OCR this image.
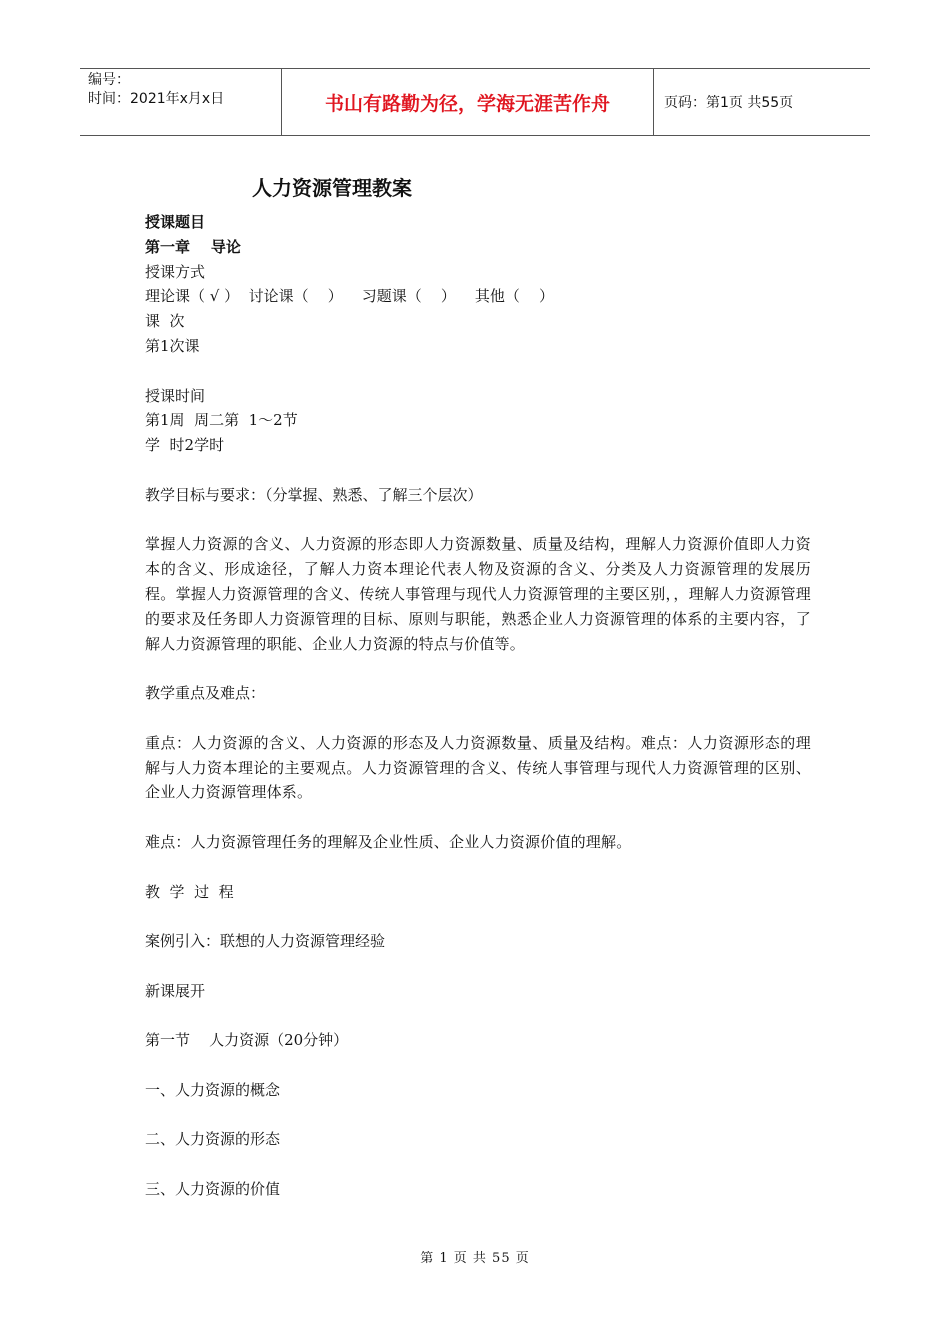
编号：
时间：2021年x月x日	书山有路勤为径，学海无涯苦作舟	页码：第1页 共55页
人力资源管理教案
授课题目
第一章    导论
授课方式
理论课（ √ ）  讨论课（    ）    习题课（    ）    其他（    ）
课  次
第1次课
授课时间
第1周  周二第  1～2节
学  时2学时
教学目标与要求：（分掌握、熟悉、了解三个层次）
掌握人力资源的含义、人力资源的形态即人力资源数量、质量及结构，理解人力资源价值即人力资本的含义、形成途径，了解人力资本理论代表人物及资源的含义、分类及人力资源管理的发展历程。掌握人力资源管理的含义、传统人事管理与现代人力资源管理的主要区别，，理解人力资源管理的要求及任务即人力资源管理的目标、原则与职能，熟悉企业人力资源管理的体系的主要内容，了解人力资源管理的职能、企业人力资源的特点与价值等。
教学重点及难点：
重点：人力资源的含义、人力资源的形态及人力资源数量、质量及结构。难点：人力资源形态的理解与人力资本理论的主要观点。人力资源管理的含义、传统人事管理与现代人力资源管理的区别、企业人力资源管理体系。
难点：人力资源管理任务的理解及企业性质、企业人力资源价值的理解。
教  学  过  程
案例引入：联想的人力资源管理经验
新课展开
第一节    人力资源（20分钟）
一、人力资源的概念
二、人力资源的形态
三、人力资源的价值
第 1 页 共 55 页
